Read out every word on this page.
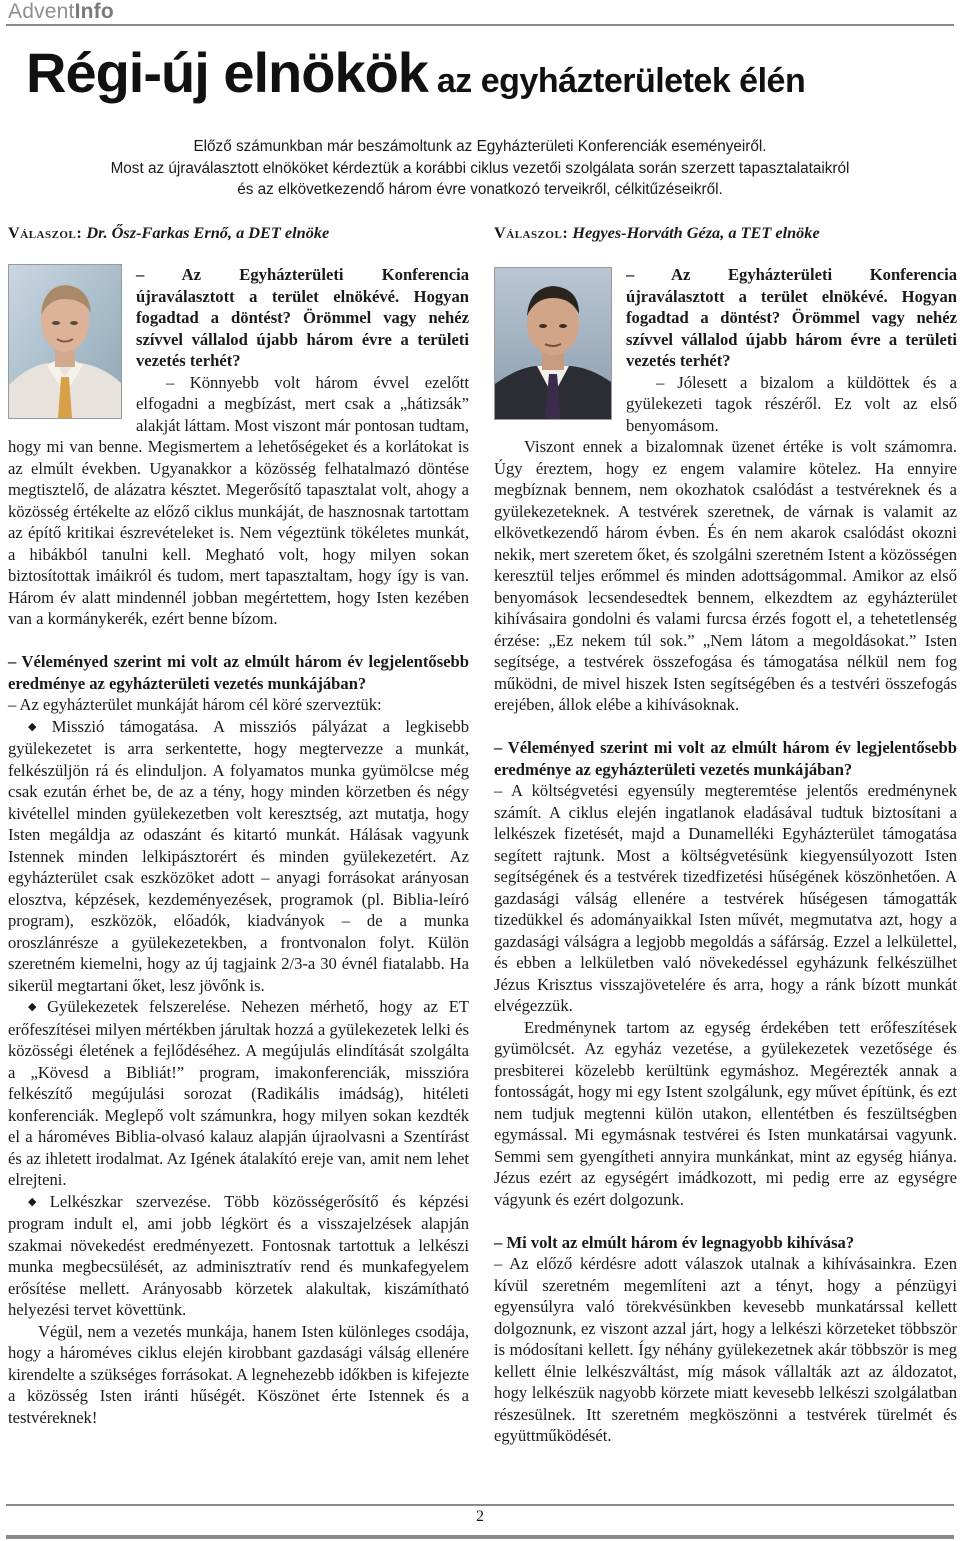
AdventInfo
Régi-új elnökök az egyházterületek élén
Előző számunkban már beszámoltunk az Egyházterületi Konferenciák eseményeiről.
Most az újraválasztott elnököket kérdeztük a korábbi ciklus vezetői szolgálata során szerzett tapasztalataikról
és az elkövetkezendő három évre vonatkozó terveikről, célkitűzéseikről.
Válaszol: Dr. Ősz-Farkas Ernő, a DET elnöke	Válaszol: Hegyes-Horváth Géza, a TET elnöke

– Az Egyházterületi Konferencia újraválasztott a terület elnökévé. Hogyan fogadtad a döntést? Örömmel vagy nehéz szívvel vállalod újabb három évre a területi vezetés terhét?

– Könnyebb volt három évvel ezelőtt elfogadni a megbízást, mert csak a „hátizsák” alakját láttam. Most viszont már pontosan tudtam, hogy mi van benne. Megismertem a lehetőségeket és a korlátokat is az elmúlt években. Ugyanakkor a közösség felhatalmazó döntése megtisztelő, de alázatra késztet. Megerősítő tapasztalat volt, ahogy a közösség értékelte az előző ciklus munkáját, de hasznosnak tartottam az építő kritikai észrevételeket is. Nem végeztünk tökéletes munkát, a hibákból tanulni kell. Megható volt, hogy milyen sokan biztosítottak imáikról és tudom, mert tapasztaltam, hogy így is van. Három év alatt mindennél jobban megértettem, hogy Isten kezében van a kormánykerék, ezért benne bízom.

– Véleményed szerint mi volt az elmúlt három év legjelentősebb eredménye az egyházterületi vezetés munkájában?

– Az egyházterület munkáját három cél köré szerveztük:

◆ Misszió támogatása. A missziós pályázat a legkisebb gyülekezetet is arra serkentette, hogy megtervezze a munkát, felkészüljön rá és elinduljon. A folyamatos munka gyümölcse még csak ezután érhet be, de az a tény, hogy minden körzetben és négy kivétellel minden gyülekezetben volt keresztség, azt mutatja, hogy Isten megáldja az odaszánt és kitartó munkát. Hálásak vagyunk Istennek minden lelkipásztorért és minden gyülekezetért. Az egyházterület csak eszközöket adott – anyagi forrásokat arányosan elosztva, képzések, kezdeményezések, programok (pl. Biblia-leíró program), eszközök, előadók, kiadványok – de a munka oroszlánrésze a gyülekezetekben, a frontvonalon folyt. Külön szeretném kiemelni, hogy az új tagjaink 2/3-a 30 évnél fiatalabb. Ha sikerül megtartani őket, lesz jövőnk is.

◆ Gyülekezetek felszerelése. Nehezen mérhető, hogy az ET erőfeszítései milyen mértékben járultak hozzá a gyülekezetek lelki és közösségi életének a fejlődéséhez. A megújulás elindítását szolgálta a „Kövesd a Bibliát!” program, imakonferenciák, misszióra felkészítő megújulási sorozat (Radikális imádság), hitéleti konferenciák. Meglepő volt számunkra, hogy milyen sokan kezdték el a hároméves Biblia-olvasó kalauz alapján újraolvasni a Szentírást és az ihletett irodalmat. Az Igének átalakító ereje van, amit nem lehet elrejteni.

◆ Lelkészkar szervezése. Több közösségerősítő és képzési program indult el, ami jobb légkört és a visszajelzések alapján szakmai növekedést eredményezett. Fontosnak tartottuk a lelkészi munka megbecsülését, az adminisztratív rend és munkafegyelem erősítése mellett. Arányosabb körzetek alakultak, kiszámítható helyezési tervet követtünk.

Végül, nem a vezetés munkája, hanem Isten különleges csodája, hogy a hároméves ciklus elején kirobbant gazdasági válság ellenére kirendelte a szükséges forrásokat. A legnehezebb időkben is kifejezte a közösség Isten iránti hűségét. Köszönet érte Istennek és a testvéreknek!

– Az Egyházterületi Konferencia újraválasztott a terület elnökévé. Hogyan fogadtad a döntést? Örömmel vagy nehéz szívvel vállalod újabb három évre a területi vezetés terhét?

– Jólesett a bizalom a küldöttek és a gyülekezeti tagok részéről. Ez volt az első benyomásom.

Viszont ennek a bizalomnak üzenet értéke is volt számomra. Úgy éreztem, hogy ez engem valamire kötelez. Ha ennyire megbíznak bennem, nem okozhatok csalódást a testvéreknek és a gyülekezeteknek. A testvérek szeretnek, de várnak is valamit az elkövetkezendő három évben. És én nem akarok csalódást okozni nekik, mert szeretem őket, és szolgálni szeretném Istent a közösségen keresztül teljes erőmmel és minden adottságommal. Amikor az első benyomások lecsendesedtek bennem, elkezdtem az egyházterület kihívásaira gondolni és valami furcsa érzés fogott el, a tehetetlenség érzése: „Ez nekem túl sok.” „Nem látom a megoldásokat.” Isten segítsége, a testvérek összefogása és támogatása nélkül nem fog működni, de mivel hiszek Isten segítségében és a testvéri összefogás erejében, állok elébe a kihívásoknak.

– Véleményed szerint mi volt az elmúlt három év legjelentősebb eredménye az egyházterületi vezetés munkájában?

– A költségvetési egyensúly megteremtése jelentős eredménynek számít. A ciklus elején ingatlanok eladásával tudtuk biztosítani a lelkészek fizetését, majd a Dunamelléki Egyházterület támogatása segített rajtunk. Most a költségvetésünk kiegyensúlyozott Isten segítségének és a testvérek tizedfizetési hűségének köszönhetően. A gazdasági válság ellenére a testvérek hűségesen támogatták tizedükkel és adományaikkal Isten művét, megmutatva azt, hogy a gazdasági válságra a legjobb megoldás a sáfárság. Ezzel a lelkülettel, és ebben a lelkületben való növekedéssel egyházunk felkészülhet Jézus Krisztus visszajövetelére és arra, hogy a ránk bízott munkát elvégezzük.

Eredménynek tartom az egység érdekében tett erőfeszítések gyümölcsét. Az egyház vezetése, a gyülekezetek vezetősége és presbiterei közelebb kerültünk egymáshoz. Megérezték annak a fontosságát, hogy mi egy Istent szolgálunk, egy művet építünk, és ezt nem tudjuk megtenni külön utakon, ellentétben és feszültségben egymással. Mi egymásnak testvérei és Isten munkatársai vagyunk. Semmi sem gyengítheti annyira munkánkat, mint az egység hiánya. Jézus ezért az egységért imádkozott, mi pedig erre az egységre vágyunk és ezért dolgozunk.

– Mi volt az elmúlt három év legnagyobb kihívása?

– Az előző kérdésre adott válaszok utalnak a kihívásainkra. Ezen kívül szeretném megemlíteni azt a tényt, hogy a pénzügyi egyensúlyra való törekvésünkben kevesebb munkatárssal kellett dolgoznunk, ez viszont azzal járt, hogy a lelkészi körzeteket többször is módosítani kellett. Így néhány gyülekezetnek akár többször is meg kellett élnie lelkészváltást, míg mások vállalták azt az áldozatot, hogy lelkészük nagyobb körzete miatt kevesebb lelkészi szolgálatban részesülnek. Itt szeretném megköszönni a testvérek türelmét és együttműködését.

2
